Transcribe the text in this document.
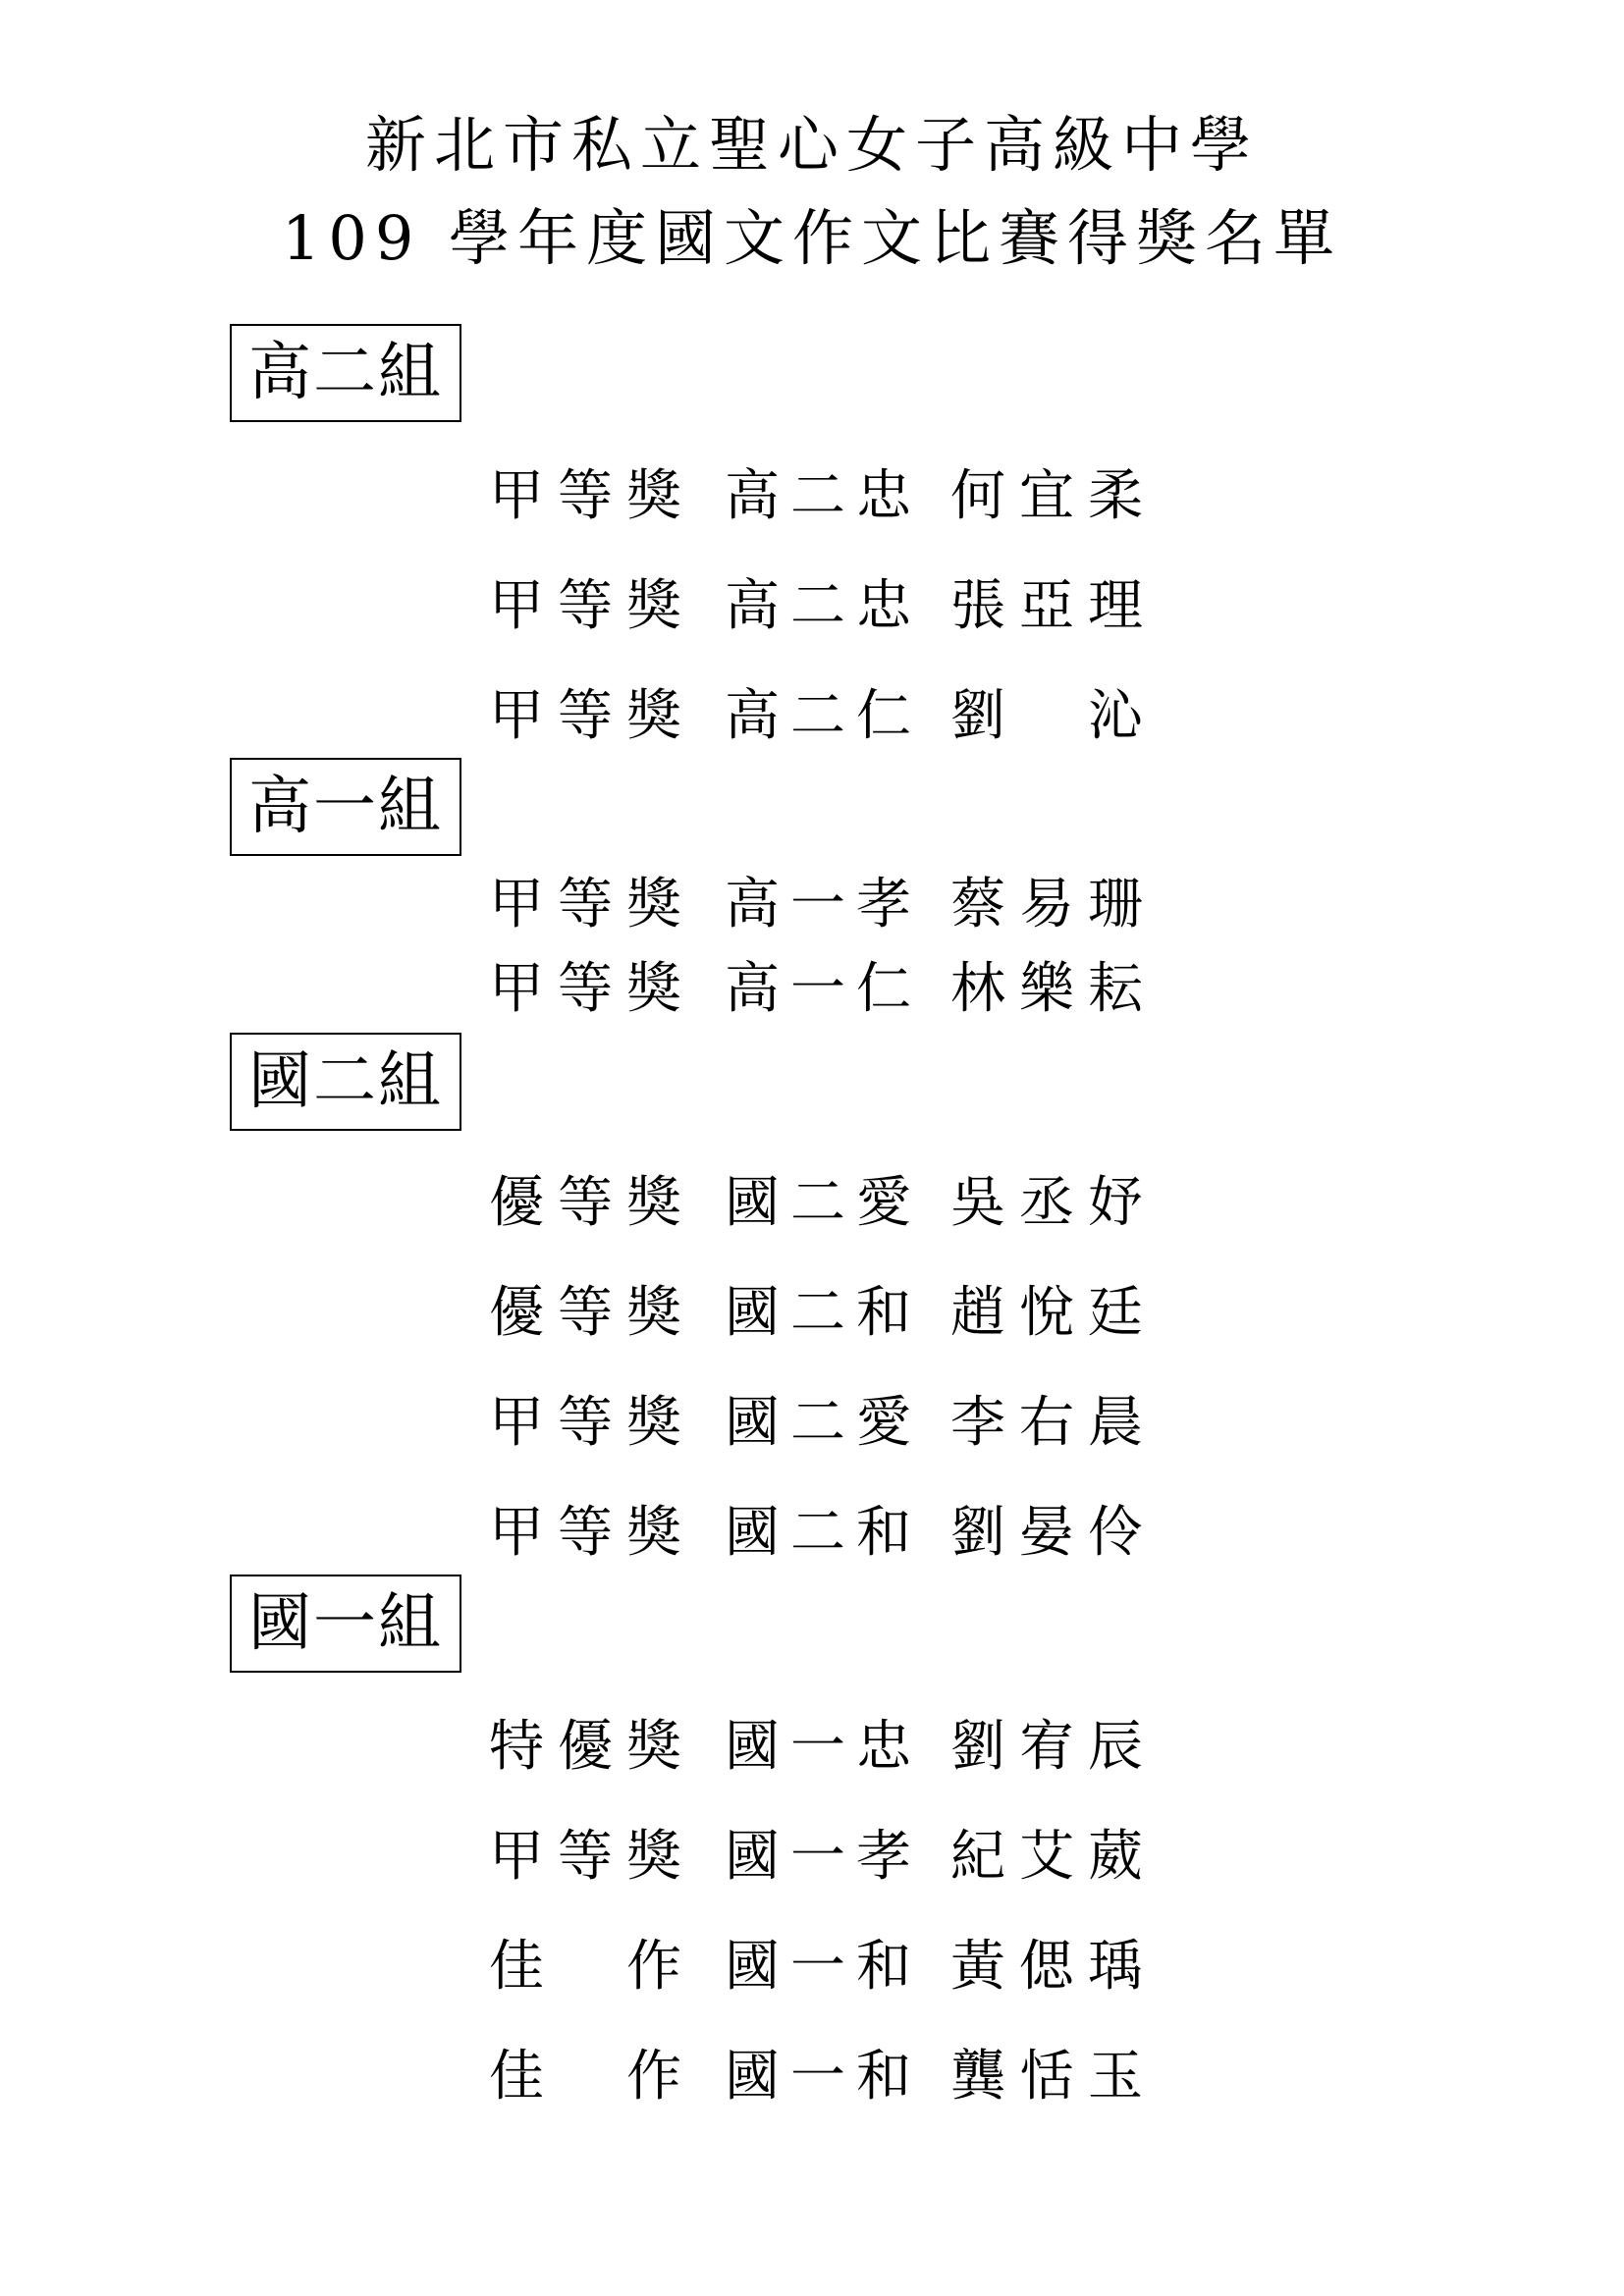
新北市私立聖心女子高級中學
109 學年度國文作文比賽得獎名單
高二組
甲 等 獎 高 二 忠 何 宜 柔
甲 等 獎 高 二 忠 張 亞 理
甲 等 獎 高 二 仁 劉
　 沁
高一組
甲 等 獎 高 一 孝 蔡 易 珊
甲 等 獎 高 一 仁 林 樂 耘
國二組
優 等 獎 國 二 愛 吳 丞 妤
優 等 獎 國 二 和 趙 悅 廷
甲 等 獎 國 二 愛 李 右 晨
甲 等 獎 國 二 和 劉 晏 伶
國一組
特 優 獎 國 一 忠 劉 宥 辰
甲 等 獎 國 一 孝 紀 艾 葳
佳
　 作 國 一 和 黃 偲 瑀
佳
　 作 國 一 和 龔 恬 玉
